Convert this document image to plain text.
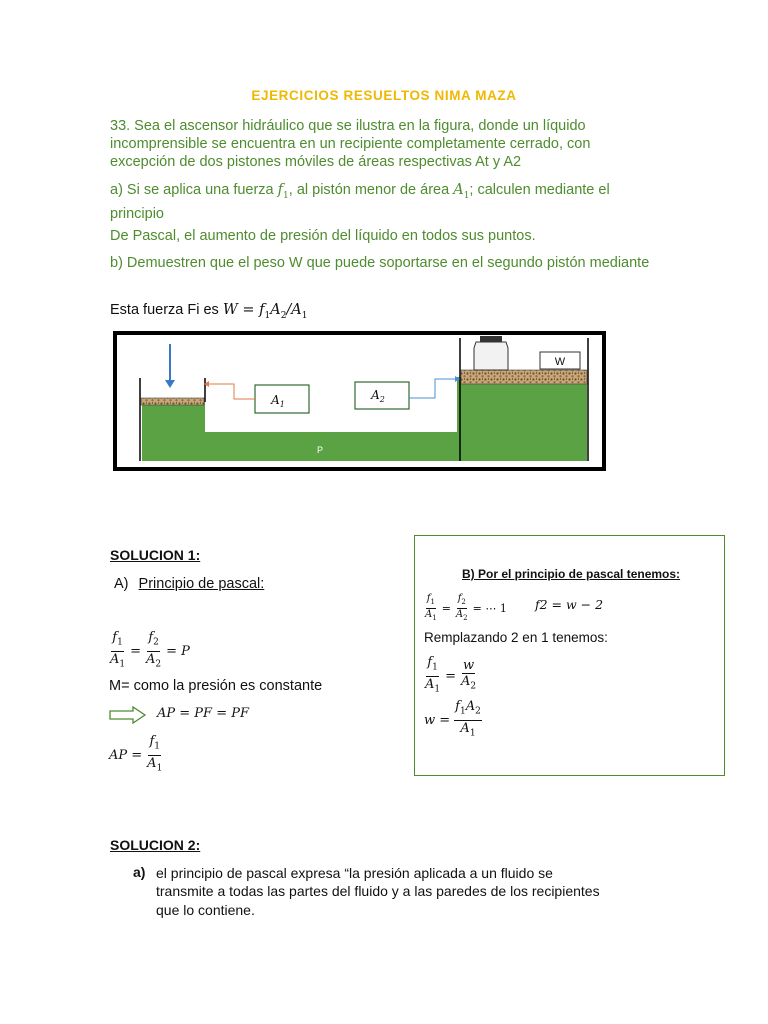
EJERCICIOS RESUELTOS NIMA MAZA
33. Sea el ascensor hidráulico que se ilustra en la figura, donde un líquido incomprensible se encuentra en un recipiente completamente cerrado, con excepción de dos pistones móviles de áreas respectivas At y A2
a) Si se aplica una fuerza $f_1$, al pistón menor de área $A_1$; calculen mediante el principio
De Pascal, el aumento de presión del líquido en todos sus puntos.
b) Demuestren que el peso W que puede soportarse en el segundo pistón mediante
Esta fuerza Fi es $W = f_1A_2/A_1$
W
$A_1$
$A_2$
P
SOLUCION 1:
A) Principio de pascal:
$\frac{f_1}{A_1} = \frac{f_2}{A_2} = P$
M= como la presión es constante
AP = PF = PF
AP = $\frac{f_1}{A_1}$
B) Por el principio de pascal tenemos:
$\frac{f_1}{A_1} = \frac{f_2}{A_2}$ = ⋯ 1 f2 = w − 2
Remplazando 2 en 1 tenemos:
$\frac{f_1}{A_1} = \frac{w}{A_2}$
$w = \frac{f_1A_2}{A_1}$
SOLUCION 2:
a) el principio de pascal expresa “la presión aplicada a un fluido se
transmite a todas las partes del fluido y a las paredes de los recipientes
que lo contiene.
